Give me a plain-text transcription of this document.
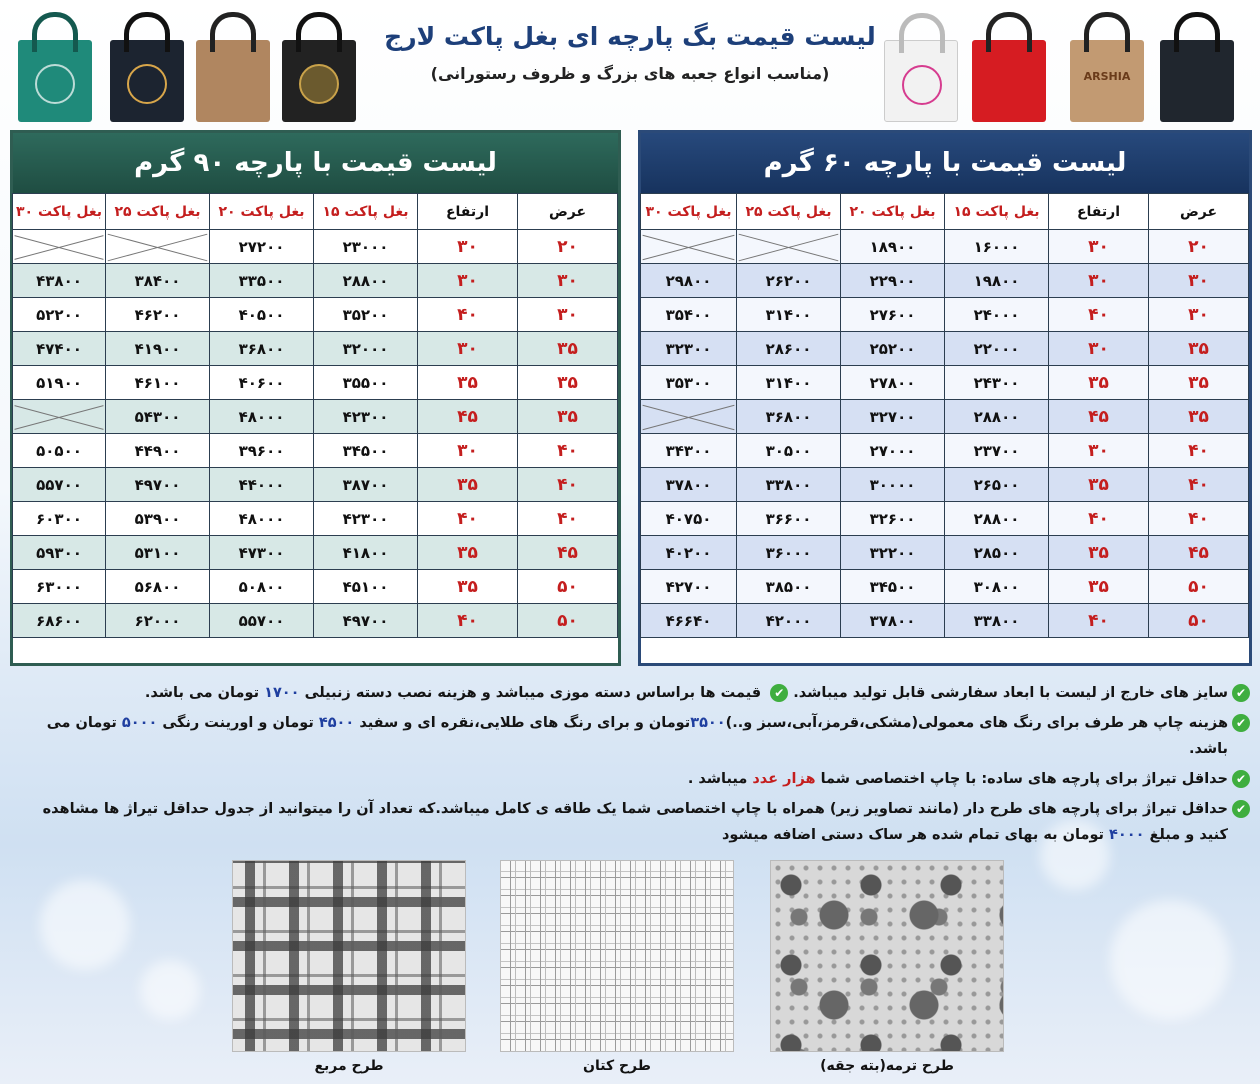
لیست قیمت بگ پارچه ای بغل پاکت لارج
(مناسب انواع جعبه های بزرگ و ظروف رستورانی)	ARSHIA
لیست قیمت با پارچه ۶۰ گرم
عرض	ارتفاع	بغل پاکت ۱۵	بغل پاکت ۲۰	بغل پاکت ۲۵	بغل پاکت ۳۰
۲۰	۳۰	۱۶۰۰۰	۱۸۹۰۰		
۳۰	۳۰	۱۹۸۰۰	۲۲۹۰۰	۲۶۲۰۰	۲۹۸۰۰
۳۰	۴۰	۲۴۰۰۰	۲۷۶۰۰	۳۱۴۰۰	۳۵۴۰۰
۳۵	۳۰	۲۲۰۰۰	۲۵۲۰۰	۲۸۶۰۰	۳۲۳۰۰
۳۵	۳۵	۲۴۳۰۰	۲۷۸۰۰	۳۱۴۰۰	۳۵۳۰۰
۳۵	۴۵	۲۸۸۰۰	۳۲۷۰۰	۳۶۸۰۰	
۴۰	۳۰	۲۳۷۰۰	۲۷۰۰۰	۳۰۵۰۰	۳۴۳۰۰
۴۰	۳۵	۲۶۵۰۰	۳۰۰۰۰	۳۳۸۰۰	۳۷۸۰۰
۴۰	۴۰	۲۸۸۰۰	۳۲۶۰۰	۳۶۶۰۰	۴۰۷۵۰
۴۵	۳۵	۲۸۵۰۰	۳۲۲۰۰	۳۶۰۰۰	۴۰۲۰۰
۵۰	۳۵	۳۰۸۰۰	۳۴۵۰۰	۳۸۵۰۰	۴۲۷۰۰
۵۰	۴۰	۳۳۸۰۰	۳۷۸۰۰	۴۲۰۰۰	۴۶۶۴۰
لیست قیمت با پارچه ۹۰ گرم
عرض	ارتفاع	بغل پاکت ۱۵	بغل پاکت ۲۰	بغل پاکت ۲۵	بغل پاکت ۳۰
۲۰	۳۰	۲۳۰۰۰	۲۷۲۰۰		
۳۰	۳۰	۲۸۸۰۰	۳۳۵۰۰	۳۸۴۰۰	۴۳۸۰۰
۳۰	۴۰	۳۵۲۰۰	۴۰۵۰۰	۴۶۲۰۰	۵۲۲۰۰
۳۵	۳۰	۳۲۰۰۰	۳۶۸۰۰	۴۱۹۰۰	۴۷۴۰۰
۳۵	۳۵	۳۵۵۰۰	۴۰۶۰۰	۴۶۱۰۰	۵۱۹۰۰
۳۵	۴۵	۴۲۳۰۰	۴۸۰۰۰	۵۴۳۰۰	
۴۰	۳۰	۳۴۵۰۰	۳۹۶۰۰	۴۴۹۰۰	۵۰۵۰۰
۴۰	۳۵	۳۸۷۰۰	۴۴۰۰۰	۴۹۷۰۰	۵۵۷۰۰
۴۰	۴۰	۴۲۳۰۰	۴۸۰۰۰	۵۳۹۰۰	۶۰۳۰۰
۴۵	۳۵	۴۱۸۰۰	۴۷۳۰۰	۵۳۱۰۰	۵۹۳۰۰
۵۰	۳۵	۴۵۱۰۰	۵۰۸۰۰	۵۶۸۰۰	۶۳۰۰۰
۵۰	۴۰	۴۹۷۰۰	۵۵۷۰۰	۶۲۰۰۰	۶۸۶۰۰
✔
سایز های خارج از لیست با ابعاد سفارشی قابل تولید میباشد. ✔ قیمت ها براساس دسته موزی میباشد و هزینه نصب دسته زنبیلی ۱۷۰۰ تومان می باشد.
✔
هزینه چاپ هر طرف برای رنگ های معمولی(مشکی،قرمز،آبی،سبز و..)۳۵۰۰تومان و برای رنگ های طلایی،نقره ای و سفید ۴۵۰۰ تومان و اورینت رنگی ۵۰۰۰ تومان می باشد.
✔
حداقل تیراژ برای پارچه های ساده: با چاپ اختصاصی شما هزار عدد میباشد .
✔
حداقل تیراژ برای پارچه های طرح دار (مانند تصاویر زیر) همراه با چاپ اختصاصی شما یک طاقه ی کامل میباشد.که تعداد آن را میتوانید از جدول حداقل تیراژ ها مشاهده کنید و مبلغ ۴۰۰۰ تومان به بهای تمام شده هر ساک دستی اضافه میشود
طرح ترمه(بته جقه)
طرح کتان
طرح مربع
